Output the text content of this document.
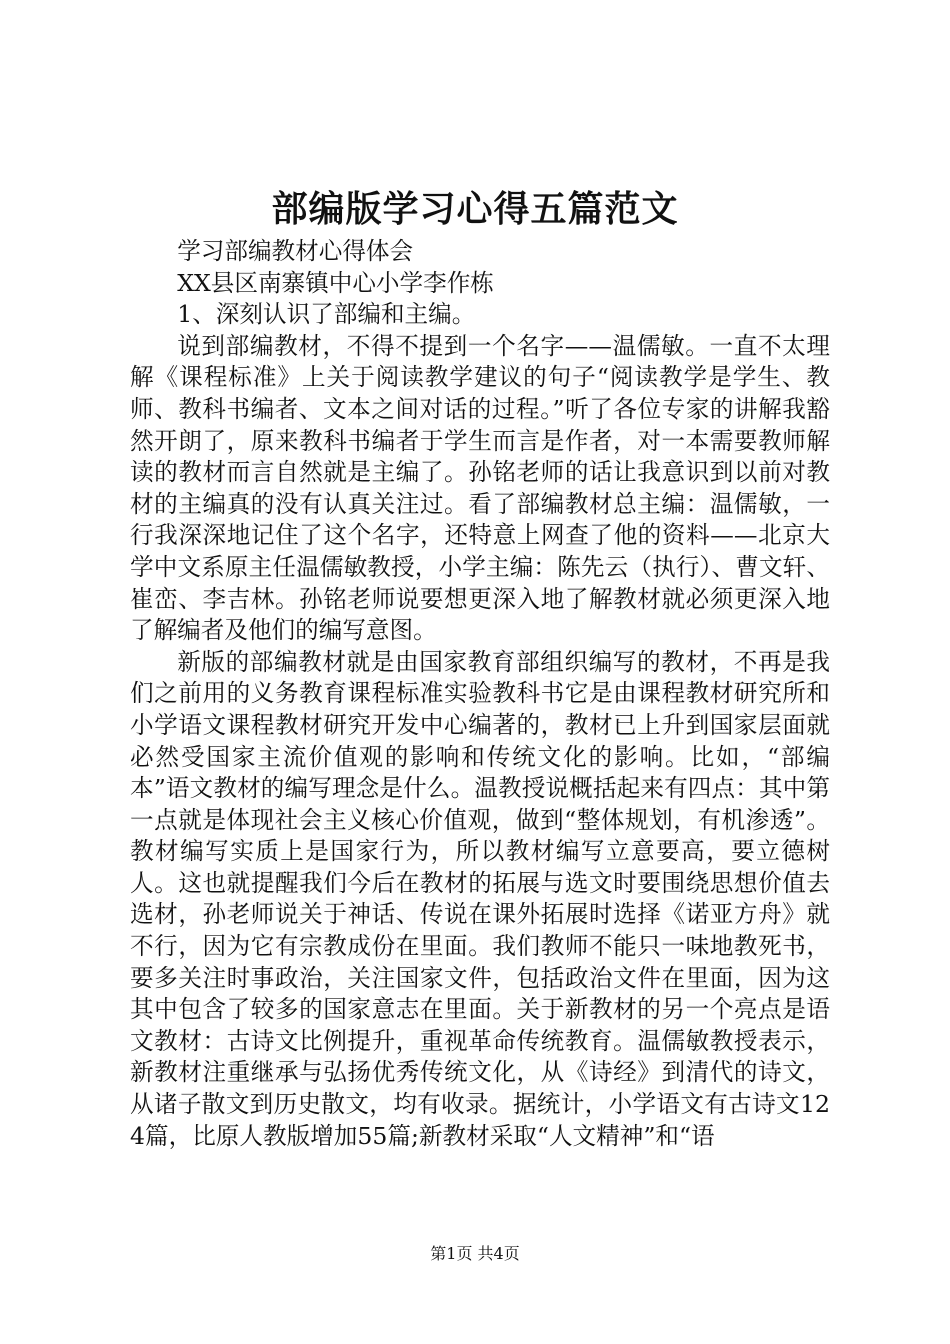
部编版学习心得五篇范文

学习部编教材心得体会

XX县区南寨镇中心小学李作栋

1、深刻认识了部编和主编。

说到部编教材，不得不提到一个名字——温儒敏。一直不太理解《课程标准》上关于阅读教学建议的句子“阅读教学是学生、教师、教科书编者、文本之间对话的过程。”听了各位专家的讲解我豁然开朗了，原来教科书编者于学生而言是作者，对一本需要教师解读的教材而言自然就是主编了。孙铭老师的话让我意识到以前对教材的主编真的没有认真关注过。看了部编教材总主编：温儒敏，一行我深深地记住了这个名字，还特意上网查了他的资料——北京大学中文系原主任温儒敏教授，小学主编：陈先云（执行）、曹文轩、崔峦、李吉林。孙铭老师说要想更深入地了解教材就必须更深入地了解编者及他们的编写意图。

新版的部编教材就是由国家教育部组织编写的教材，不再是我们之前用的义务教育课程标准实验教科书它是由课程教材研究所和小学语文课程教材研究开发中心编著的，教材已上升到国家层面就必然受国家主流价值观的影响和传统文化的影响。比如，“部编本”语文教材的编写理念是什么。温教授说概括起来有四点：其中第一点就是体现社会主义核心价值观，做到“整体规划，有机渗透”。教材编写实质上是国家行为，所以教材编写立意要高，要立德树人。这也就提醒我们今后在教材的拓展与选文时要围绕思想价值去选材，孙老师说关于神话、传说在课外拓展时选择《诺亚方舟》就不行，因为它有宗教成份在里面。我们教师不能只一味地教死书，要多关注时事政治，关注国家文件，包括政治文件在里面，因为这其中包含了较多的国家意志在里面。关于新教材的另一个亮点是语文教材：古诗文比例提升，重视革命传统教育。温儒敏教授表示，新教材注重继承与弘扬优秀传统文化，从《诗经》到清代的诗文，从诸子散文到历史散文，均有收录。据统计，小学语文有古诗文124篇，比原人教版增加55篇;新教材采取“人文精神”和“语

第1页 共4页
